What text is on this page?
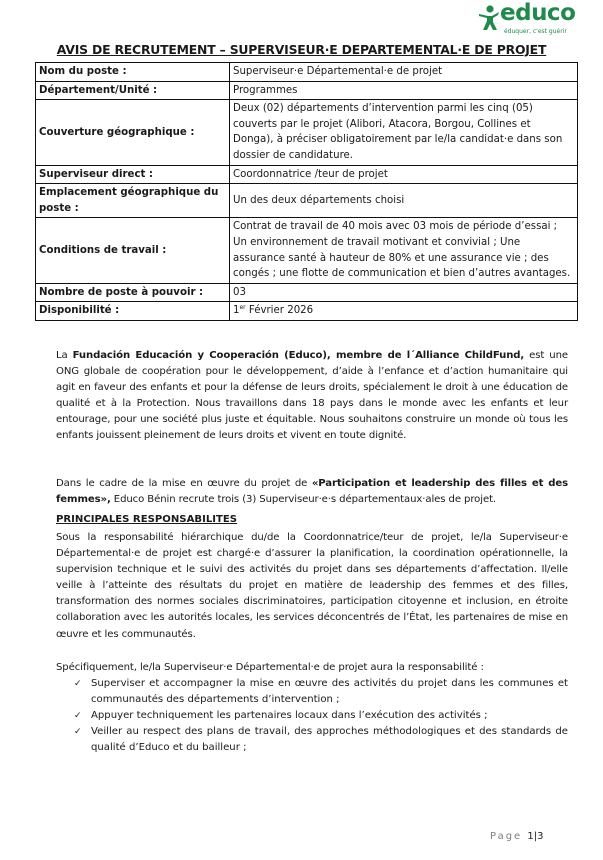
educo
éduquer, c'est guérir
AVIS DE RECRUTEMENT – SUPERVISEUR·E DEPARTEMENTAL·E DE PROJET
Nom du poste :	Superviseur·e Départemental·e de projet
Département/Unité :	Programmes
Couverture géographique :	Deux (02) départements d’intervention parmi les cinq (05) couverts par le projet (Alibori, Atacora, Borgou, Collines et Donga), à préciser obligatoirement par le/la candidat·e dans son dossier de candidature.
Superviseur direct :	Coordonnatrice /teur de projet
Emplacement géographique du poste :	Un des deux départements choisi
Conditions de travail :	Contrat de travail de 40 mois avec 03 mois de période d’essai ; Un environnement de travail motivant et convivial ; Une assurance santé à hauteur de 80% et une assurance vie ; des congés ; une flotte de communication et bien d’autres avantages.
Nombre de poste à pouvoir :	03
Disponibilité :	1er Février 2026

La Fundación Educación y Cooperación (Educo), membre de l´Alliance ChildFund, est une ONG globale de coopération pour le développement, d’aide à l’enfance et d’action humanitaire qui agit en faveur des enfants et pour la défense de leurs droits, spécialement le droit à une éducation de qualité et à la Protection. Nous travaillons dans 18 pays dans le monde avec les enfants et leur entourage, pour une société plus juste et équitable. Nous souhaitons construire un monde où tous les enfants jouissent pleinement de leurs droits et vivent en toute dignité.

Dans le cadre de la mise en œuvre du projet de «Participation et leadership des filles et des femmes», Educo Bénin recrute trois (3) Superviseur·e·s départementaux·ales de projet.

PRINCIPALES RESPONSABILITES

Sous la responsabilité hiérarchique du/de la Coordonnatrice/teur de projet, le/la Superviseur·e Départemental·e de projet est chargé·e d’assurer la planification, la coordination opérationnelle, la supervision technique et le suivi des activités du projet dans ses départements d’affectation. Il/elle veille à l’atteinte des résultats du projet en matière de leadership des femmes et des filles, transformation des normes sociales discriminatoires, participation citoyenne et inclusion, en étroite collaboration avec les autorités locales, les services déconcentrés de l’État, les partenaires de mise en œuvre et les communautés.

Spécifiquement, le/la Superviseur·e Départemental·e de projet aura la responsabilité :

✓ Superviser et accompagner la mise en œuvre des activités du projet dans les communes et communautés des départements d’intervention ;
✓ Appuyer techniquement les partenaires locaux dans l’exécution des activités ;
✓ Veiller au respect des plans de travail, des approches méthodologiques et des standards de qualité d’Educo et du bailleur ;
Page 1|3
